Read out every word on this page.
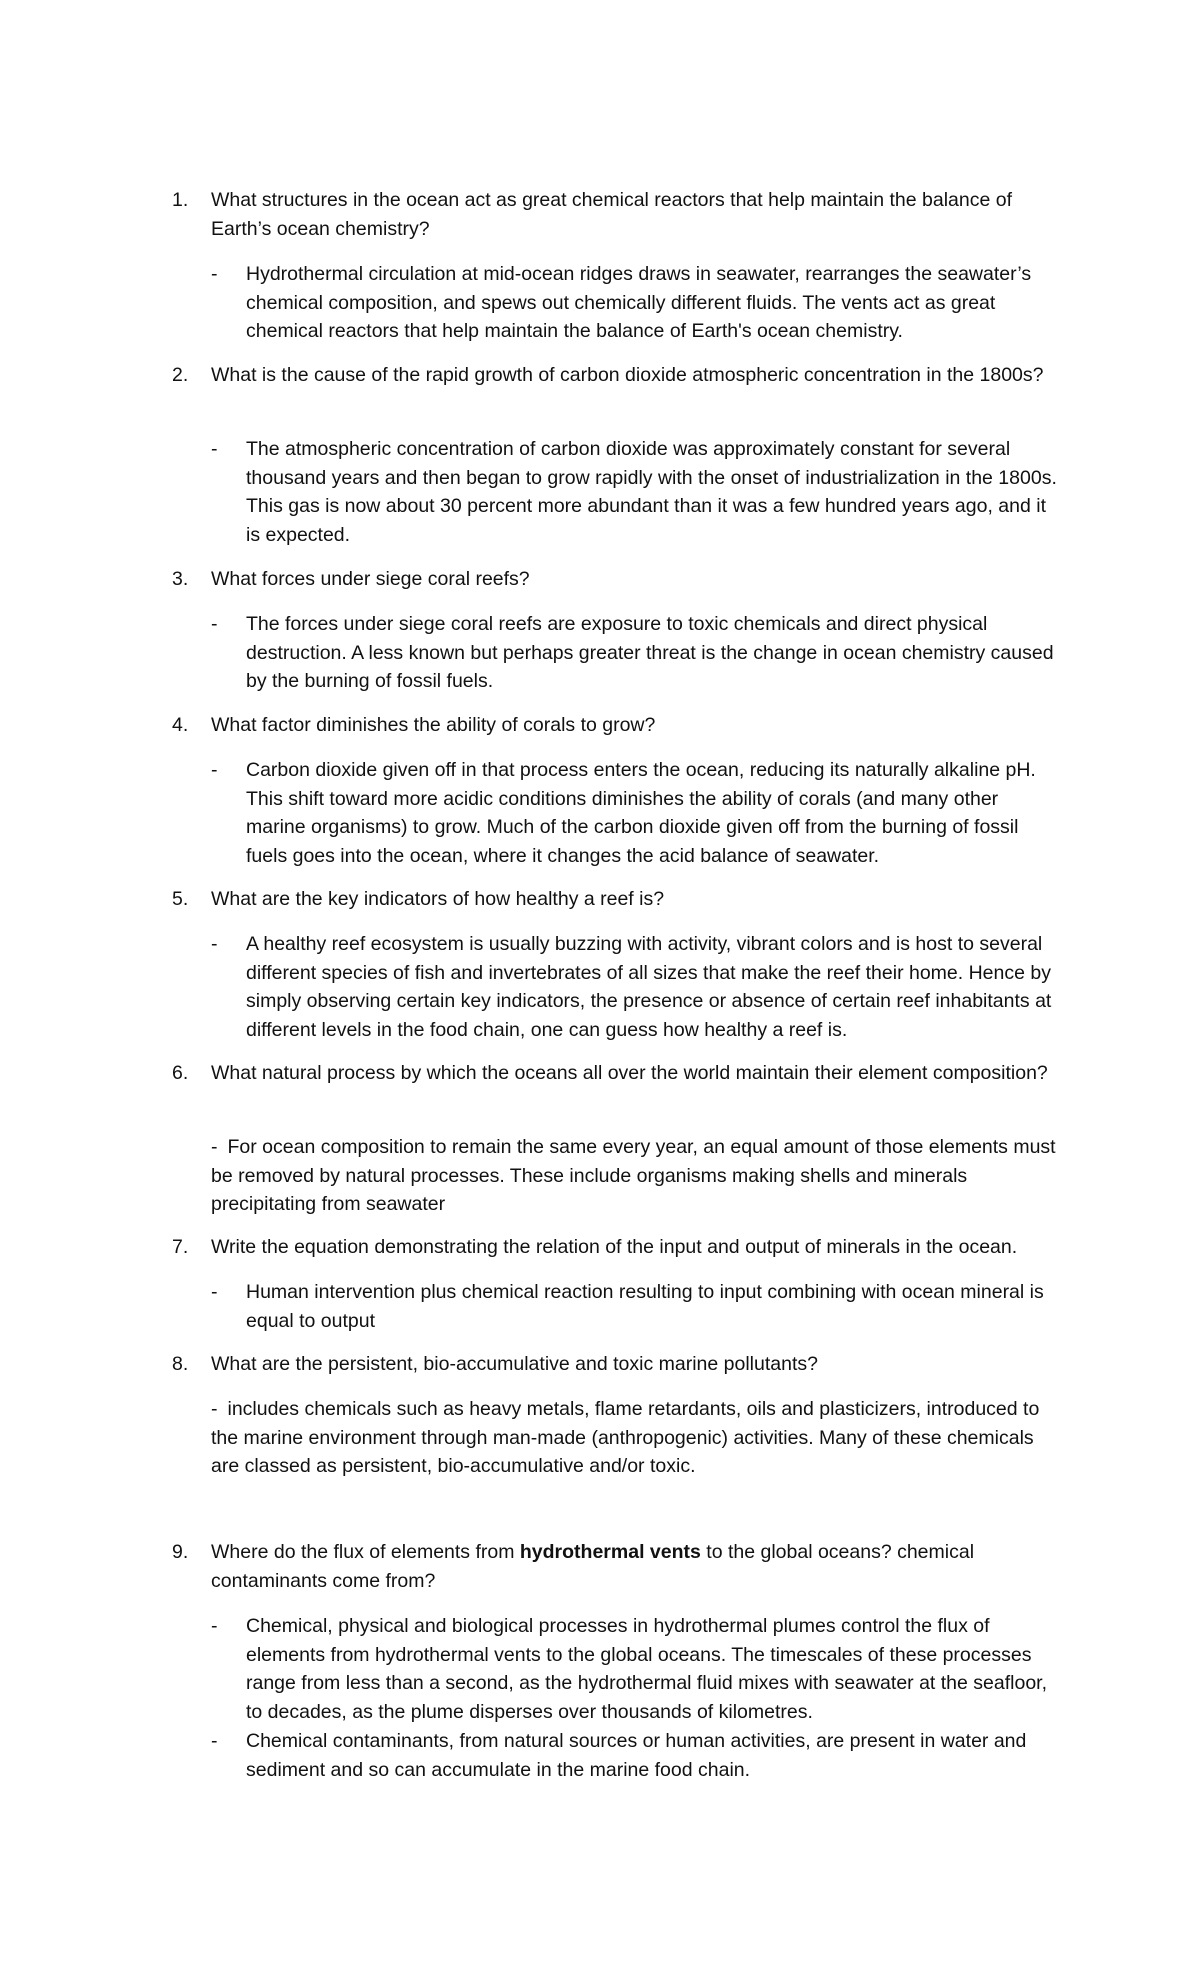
1. What structures in the ocean act as great chemical reactors that help maintain the balance of Earth’s ocean chemistry?
- Hydrothermal circulation at mid-ocean ridges draws in seawater, rearranges the seawater’s chemical composition, and spews out chemically different fluids. The vents act as great chemical reactors that help maintain the balance of Earth's ocean chemistry.
2. What is the cause of the rapid growth of carbon dioxide atmospheric concentration in the 1800s?
- The atmospheric concentration of carbon dioxide was approximately constant for several thousand years and then began to grow rapidly with the onset of industrialization in the 1800s. This gas is now about 30 percent more abundant than it was a few hundred years ago, and it is expected.
3. What forces under siege coral reefs?
- The forces under siege coral reefs are exposure to toxic chemicals and direct physical destruction. A less known but perhaps greater threat is the change in ocean chemistry caused by the burning of fossil fuels.
4. What factor diminishes the ability of corals to grow?
- Carbon dioxide given off in that process enters the ocean, reducing its naturally alkaline pH. This shift toward more acidic conditions diminishes the ability of corals (and many other marine organisms) to grow. Much of the carbon dioxide given off from the burning of fossil fuels goes into the ocean, where it changes the acid balance of seawater.
5. What are the key indicators of how healthy a reef is?
- A healthy reef ecosystem is usually buzzing with activity, vibrant colors and is host to several different species of fish and invertebrates of all sizes that make the reef their home. Hence by simply observing certain key indicators, the presence or absence of certain reef inhabitants at different levels in the food chain, one can guess how healthy a reef is.
6. What natural process by which the oceans all over the world maintain their element composition?
- For ocean composition to remain the same every year, an equal amount of those elements must be removed by natural processes. These include organisms making shells and minerals precipitating from seawater
7. Write the equation demonstrating the relation of the input and output of minerals in the ocean.
- Human intervention plus chemical reaction resulting to input combining with ocean mineral is equal to output
8. What are the persistent, bio-accumulative and toxic marine pollutants?
- includes chemicals such as heavy metals, flame retardants, oils and plasticizers, introduced to the marine environment through man-made (anthropogenic) activities. Many of these chemicals are classed as persistent, bio-accumulative and/or toxic.
9. Where do the flux of elements from hydrothermal vents to the global oceans? chemical contaminants come from?
- Chemical, physical and biological processes in hydrothermal plumes control the flux of elements from hydrothermal vents to the global oceans. The timescales of these processes range from less than a second, as the hydrothermal fluid mixes with seawater at the seafloor, to decades, as the plume disperses over thousands of kilometres.
- Chemical contaminants, from natural sources or human activities, are present in water and sediment and so can accumulate in the marine food chain.
